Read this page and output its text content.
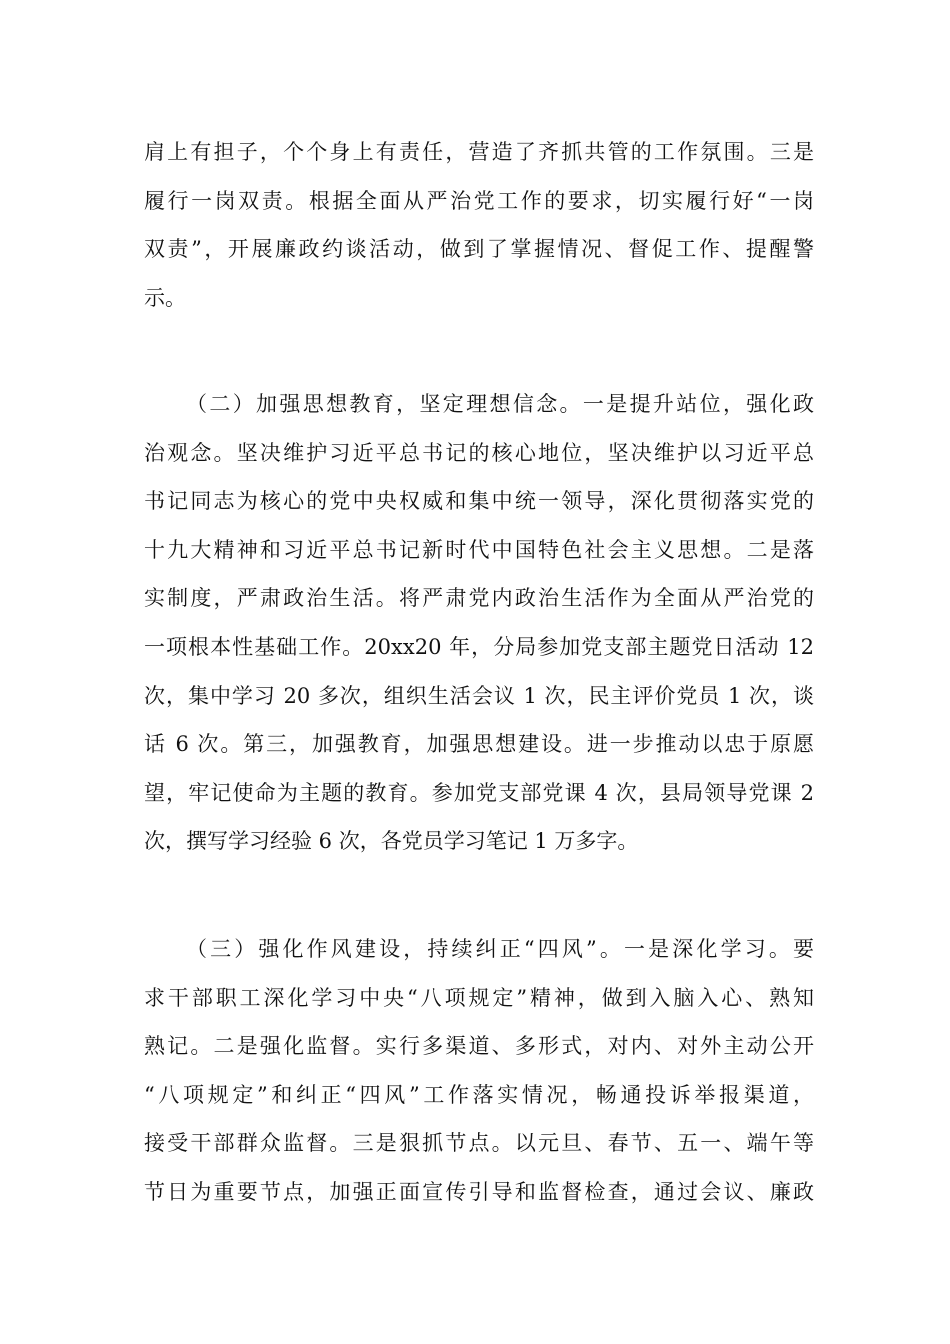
肩上有担子，个个身上有责任，营造了齐抓共管的工作氛围。三是
履行一岗双责。根据全面从严治党工作的要求，切实履行好“一岗
双责”，开展廉政约谈活动，做到了掌握情况、督促工作、提醒警
示。
（二）加强思想教育，坚定理想信念。一是提升站位，强化政
治观念。坚决维护习近平总书记的核心地位，坚决维护以习近平总
书记同志为核心的党中央权威和集中统一领导，深化贯彻落实党的
十九大精神和习近平总书记新时代中国特色社会主义思想。二是落
实制度，严肃政治生活。将严肃党内政治生活作为全面从严治党的
一项根本性基础工作。20xx20 年，分局参加党支部主题党日活动 12
次，集中学习 20 多次，组织生活会议 1 次，民主评价党员 1 次，谈
话 6 次。第三，加强教育，加强思想建设。进一步推动以忠于原愿
望，牢记使命为主题的教育。参加党支部党课 4 次，县局领导党课 2
次，撰写学习经验 6 次，各党员学习笔记 1 万多字。
（三）强化作风建设，持续纠正“四风”。一是深化学习。要
求干部职工深化学习中央“八项规定”精神，做到入脑入心、熟知
熟记。二是强化监督。实行多渠道、多形式，对内、对外主动公开
“八项规定”和纠正“四风”工作落实情况，畅通投诉举报渠道，
接受干部群众监督。三是狠抓节点。以元旦、春节、五一、端午等
节日为重要节点，加强正面宣传引导和监督检查，通过会议、廉政
